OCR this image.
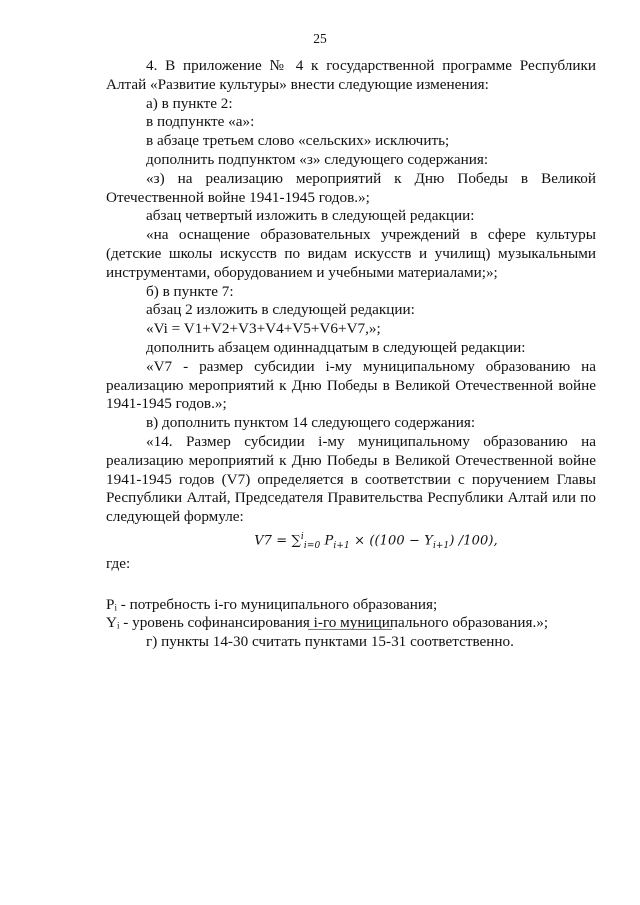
25

4. В приложение № 4 к государственной программе Республики Алтай «Развитие культуры» внести следующие изменения:

а) в пункте 2:

в подпункте «а»:

в абзаце третьем слово «сельских» исключить;

дополнить подпунктом «з» следующего содержания:

«з) на реализацию мероприятий к Дню Победы в Великой Отечественной войне 1941-1945 годов.»;

абзац четвертый изложить в следующей редакции:

«на оснащение образовательных учреждений в сфере культуры (детские школы искусств по видам искусств и училищ) музыкальными инструментами, оборудованием и учебными материалами;»;

б) в пункте 7:

абзац 2 изложить в следующей редакции:

«Vi = V1+V2+V3+V4+V5+V6+V7,»;

дополнить абзацем одиннадцатым в следующей редакции:

«V7 - размер субсидии i-му муниципальному образованию на реализацию мероприятий к Дню Победы в Великой Отечественной войне 1941-1945 годов.»;

в) дополнить пунктом 14 следующего содержания:

«14. Размер субсидии i-му муниципальному образованию на реализацию мероприятий к Дню Победы в Великой Отечественной войне 1941-1945 годов (V7) определяется в соответствии с поручением Главы Республики Алтай, Председателя Правительства Республики Алтай или по следующей формуле:

V7 = ∑$^i_{i=0}$ $P_{i+1} \times ((100 - Y_{i+1})$ /100),

где:

Pᵢ - потребность i-го муниципального образования;

Yᵢ - уровень софинансирования i-го муниципального образования.»;

г) пункты 14-30 считать пунктами 15-31 соответственно.
